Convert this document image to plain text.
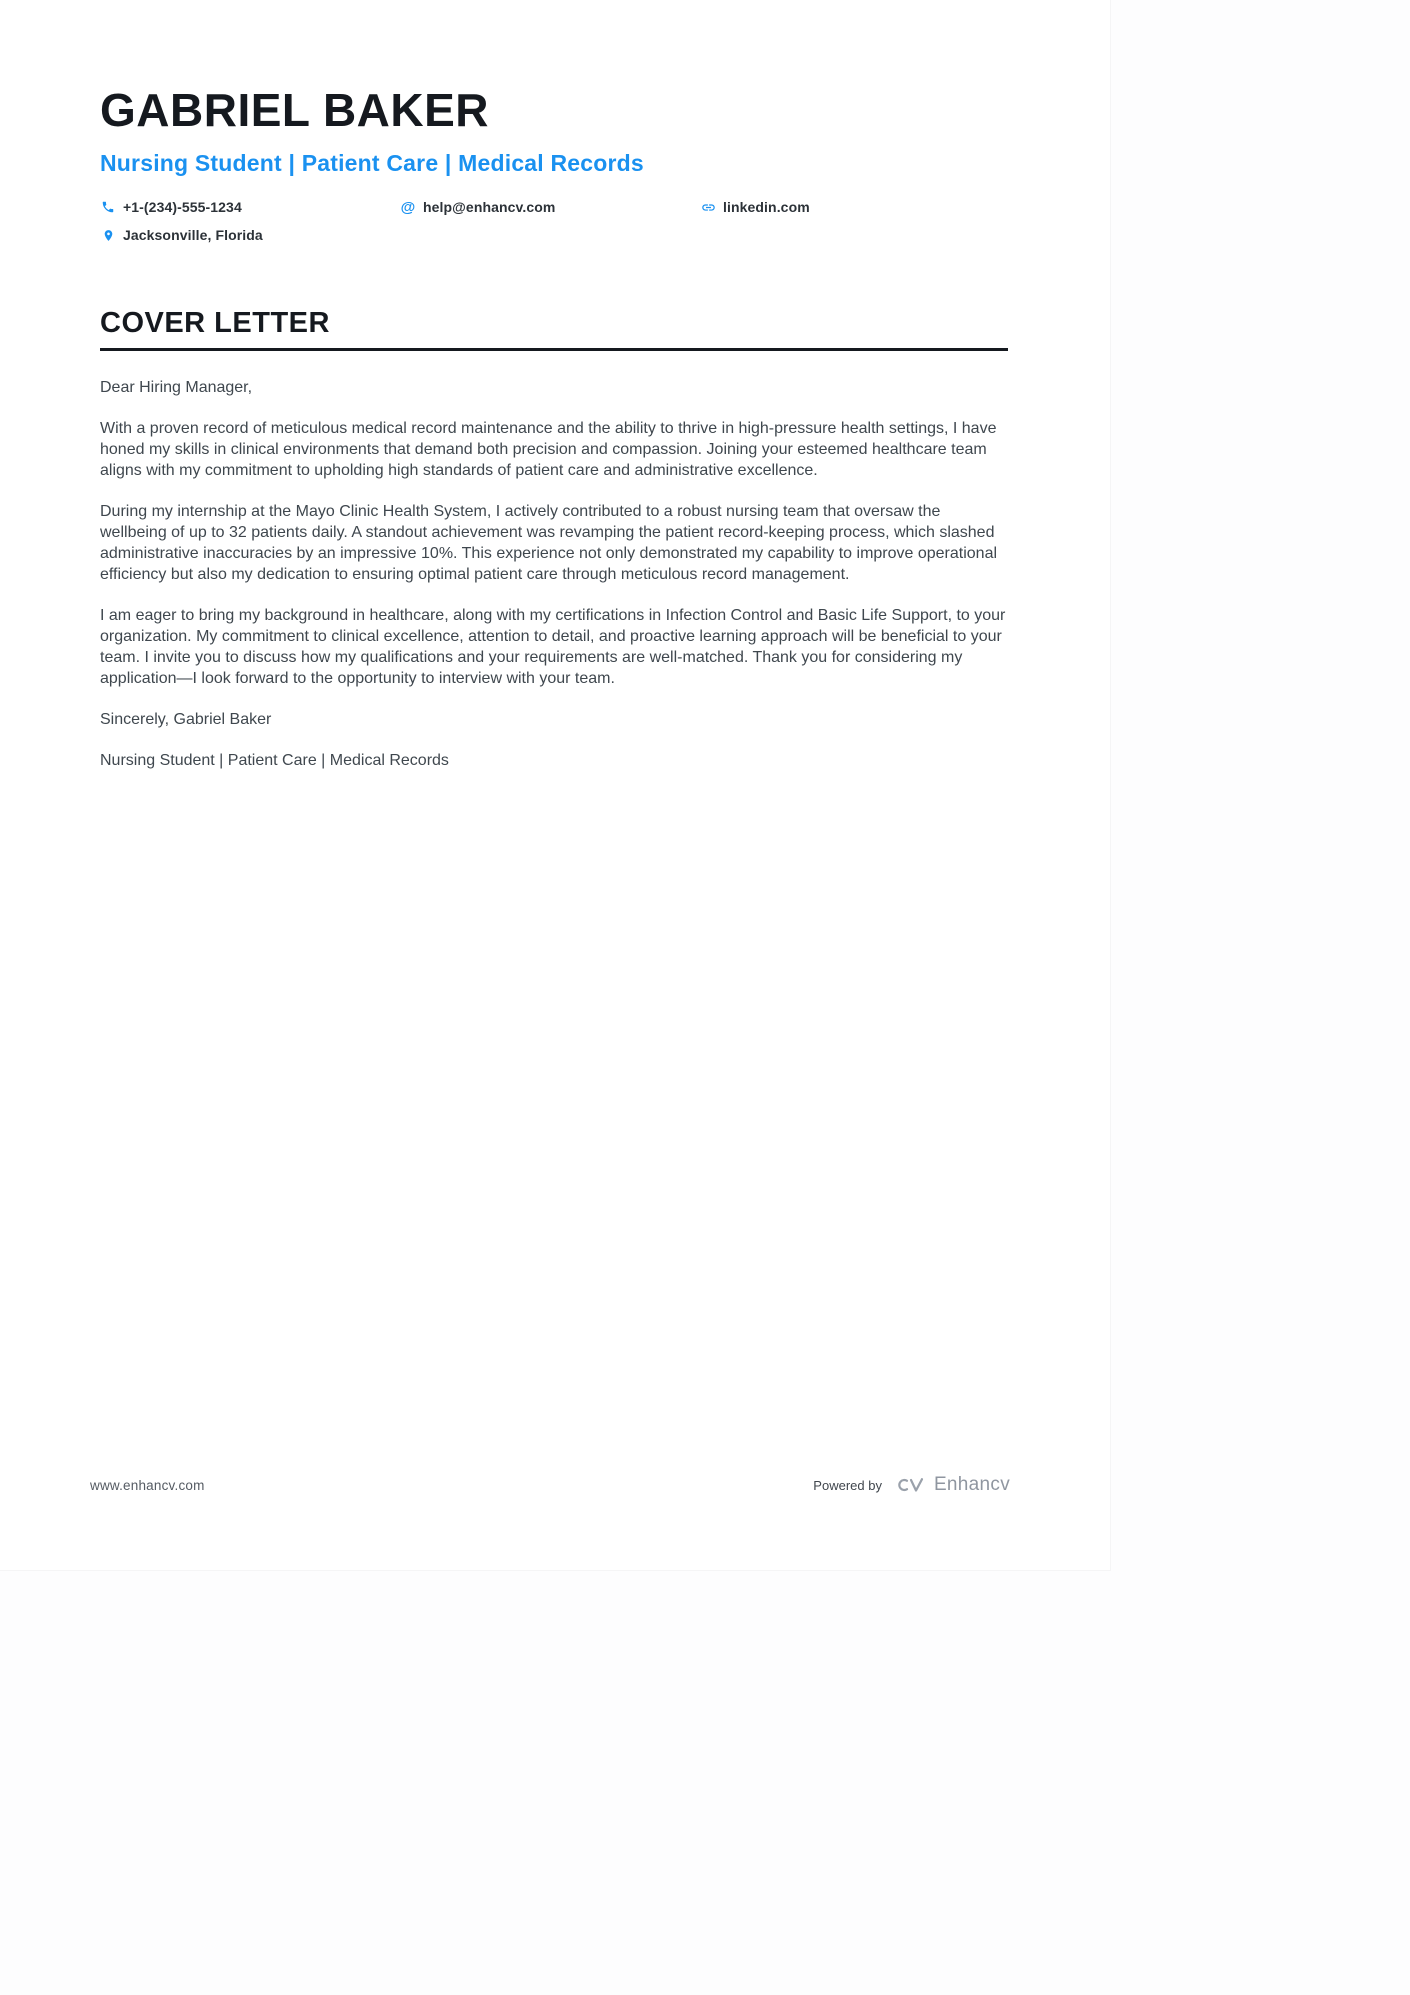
GABRIEL BAKER
Nursing Student | Patient Care | Medical Records
+1-(234)-555-1234	@ help@enhancv.com	linkedin.com
Jacksonville, Florida
COVER LETTER

Dear Hiring Manager,

With a proven record of meticulous medical record maintenance and the ability to thrive in high-pressure health settings, I have honed my skills in clinical environments that demand both precision and compassion. Joining your esteemed healthcare team aligns with my commitment to upholding high standards of patient care and administrative excellence.

During my internship at the Mayo Clinic Health System, I actively contributed to a robust nursing team that oversaw the wellbeing of up to 32 patients daily. A standout achievement was revamping the patient record-keeping process, which slashed administrative inaccuracies by an impressive 10%. This experience not only demonstrated my capability to improve operational efficiency but also my dedication to ensuring optimal patient care through meticulous record management.

I am eager to bring my background in healthcare, along with my certifications in Infection Control and Basic Life Support, to your organization. My commitment to clinical excellence, attention to detail, and proactive learning approach will be beneficial to your team. I invite you to discuss how my qualifications and your requirements are well-matched. Thank you for considering my application—I look forward to the opportunity to interview with your team.

Sincerely, Gabriel Baker

Nursing Student | Patient Care | Medical Records

www.enhancv.com	Powered by	Enhancv
